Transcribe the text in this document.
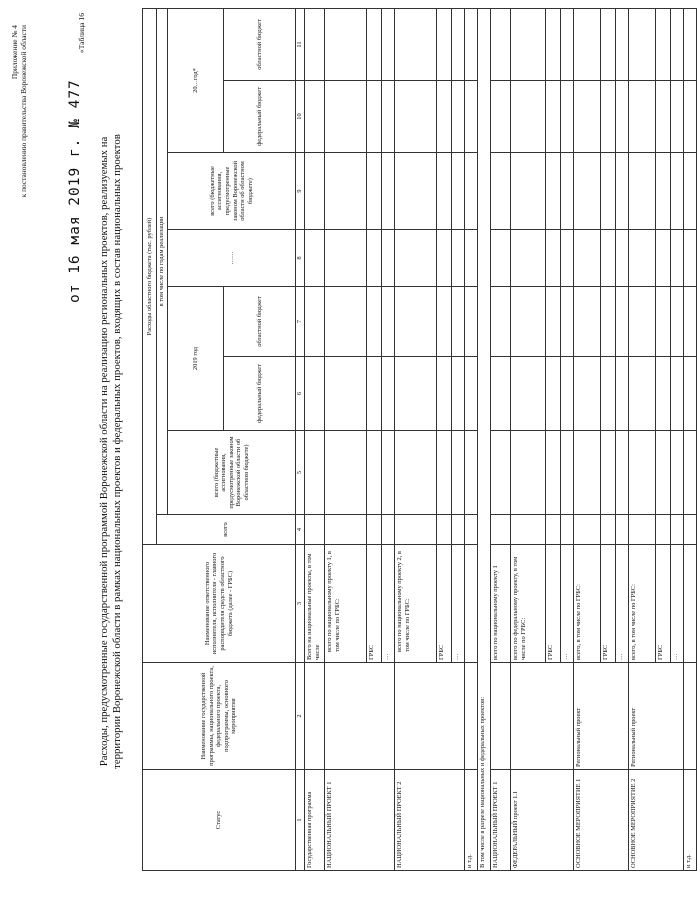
Приложение № 4 к постановлению правительства Воронежской области	от 16 мая 2019 г. № 477
«Таблица 16
Расходы, предусмотренные государственной программой Воронежской области на реализацию региональных проектов, реализуемых на территории Воронежской области в рамках национальных проектов и федеральных проектов, входящих в состав национальных проектов
Статус	Наименование государственной программы, национального проекта, федерального проекта, подпрограммы, основного мероприятия	Наименование ответственного исполнителя, исполнителя - главного распорядителя средств областного бюджета (далее - ГРБС)	Расходы областного бюджета (тыс. рублей)							
			всего	в том числе по годам реализации						
				всего (бюджетные ассигнования, предусмотренные законом Воронежской области об областном бюджете)	2019 год		……	всего (бюджетные ассигнования, предусмотренные законом Воронежской области об областном бюджете)	20…год*	
					федеральный бюджет	областной бюджет			федеральный бюджет	областной бюджет
1	2	3	4	5	6	7	8	9	10	11
Государственная программа		Всего на национальные проекты, в том числе								
НАЦИОНАЛЬНЫЙ ПРОЕКТ 1		всего по национальному проекту 1, в том числе по ГРБС:								
		ГРБС								
		…								
НАЦИОНАЛЬНЫЙ ПРОЕКТ 2		всего по национальному проекту 2, в том числе по ГРБС:								
		ГРБС								
		…								
и т.д.										
В том числе в разрезе национальных и федеральных проектов:										
НАЦИОНАЛЬНЫЙ ПРОЕКТ 1		всего по национальному проекту 1								
ФЕДЕРАЛЬНЫЙ проект 1.1		всего по федеральному проекту, в том числе по ГРБС:								
		ГРБС								
		…								
ОСНОВНОЕ МЕРОПРИЯТИЕ 1	Региональный проект	всего, в том числе по ГРБС:								
		ГРБС								
		…								
ОСНОВНОЕ МЕРОПРИЯТИЕ 2	Региональный проект	всего, в том числе по ГРБС:								
		ГРБС								
		…								
и т.д.										
